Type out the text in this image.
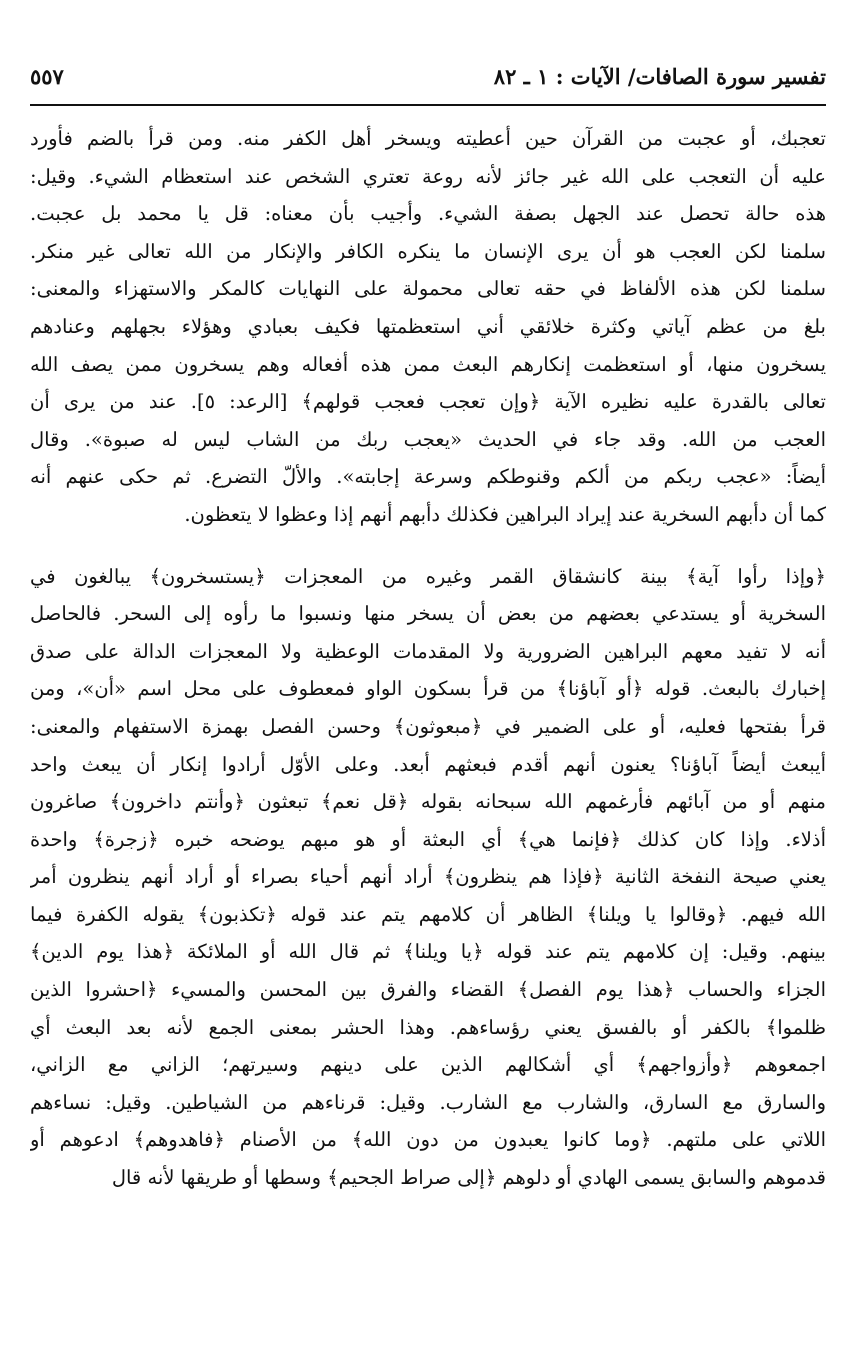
تفسير سورة الصافات/ الآيات : ١ ـ ٨٢
٥٥٧
تعجبك، أو عجبت من القرآن حين أعطيته ويسخر أهل الكفر منه. ومن قرأ بالضم فأورد
عليه أن التعجب على الله غير جائز لأنه روعة تعتري الشخص عند استعظام الشيء. وقيل:
هذه حالة تحصل عند الجهل بصفة الشيء. وأجيب بأن معناه: قل يا محمد بل عجبت.
سلمنا لكن العجب هو أن يرى الإنسان ما ينكره الكافر والإنكار من الله تعالى غير منكر.
سلمنا لكن هذه الألفاظ في حقه تعالى محمولة على النهايات كالمكر والاستهزاء والمعنى:
بلغ من عظم آياتي وكثرة خلائقي أني استعظمتها فكيف بعبادي وهؤلاء بجهلهم وعنادهم
يسخرون منها، أو استعظمت إنكارهم البعث ممن هذه أفعاله وهم يسخرون ممن يصف الله
تعالى بالقدرة عليه نظيره الآية ﴿وإن تعجب فعجب قولهم﴾ [الرعد: ٥]. عند من يرى أن
العجب من الله. وقد جاء في الحديث «يعجب ربك من الشاب ليس له صبوة». وقال
أيضاً: «عجب ربكم من ألكم وقنوطكم وسرعة إجابته». والألّ التضرع. ثم حكى عنهم أنه
كما أن دأبهم السخرية عند إيراد البراهين فكذلك دأبهم أنهم إذا وعظوا لا يتعظون.
﴿وإذا رأوا آية﴾ بينة كانشقاق القمر وغيره من المعجزات ﴿يستسخرون﴾ يبالغون في
السخرية أو يستدعي بعضهم من بعض أن يسخر منها ونسبوا ما رأوه إلى السحر. فالحاصل
أنه لا تفيد معهم البراهين الضرورية ولا المقدمات الوعظية ولا المعجزات الدالة على صدق
إخبارك بالبعث. قوله ﴿أو آباؤنا﴾ من قرأ بسكون الواو فمعطوف على محل اسم «أن»، ومن
قرأ بفتحها فعليه، أو على الضمير في ﴿مبعوثون﴾ وحسن الفصل بهمزة الاستفهام والمعنى:
أيبعث أيضاً آباؤنا؟ يعنون أنهم أقدم فبعثهم أبعد. وعلى الأوّل أرادوا إنكار أن يبعث واحد
منهم أو من آبائهم فأرغمهم الله سبحانه بقوله ﴿قل نعم﴾ تبعثون ﴿وأنتم داخرون﴾ صاغرون
أذلاء. وإذا كان كذلك ﴿فإنما هي﴾ أي البعثة أو هو مبهم يوضحه خبره ﴿زجرة﴾ واحدة
يعني صيحة النفخة الثانية ﴿فإذا هم ينظرون﴾ أراد أنهم أحياء بصراء أو أراد أنهم ينظرون أمر
الله فيهم. ﴿وقالوا يا ويلنا﴾ الظاهر أن كلامهم يتم عند قوله ﴿تكذبون﴾ يقوله الكفرة فيما
بينهم. وقيل: إن كلامهم يتم عند قوله ﴿يا ويلنا﴾ ثم قال الله أو الملائكة ﴿هذا يوم الدين﴾
الجزاء والحساب ﴿هذا يوم الفصل﴾ القضاء والفرق بين المحسن والمسيء ﴿احشروا الذين
ظلموا﴾ بالكفر أو بالفسق يعني رؤساءهم. وهذا الحشر بمعنى الجمع لأنه بعد البعث أي
اجمعوهم ﴿وأزواجهم﴾ أي أشكالهم الذين على دينهم وسيرتهم؛ الزاني مع الزاني،
والسارق مع السارق، والشارب مع الشارب. وقيل: قرناءهم من الشياطين. وقيل: نساءهم
اللاتي على ملتهم. ﴿وما كانوا يعبدون من دون الله﴾ من الأصنام ﴿فاهدوهم﴾ ادعوهم أو
قدموهم والسابق يسمى الهادي أو دلوهم ﴿إلى صراط الجحيم﴾ وسطها أو طريقها لأنه قال
